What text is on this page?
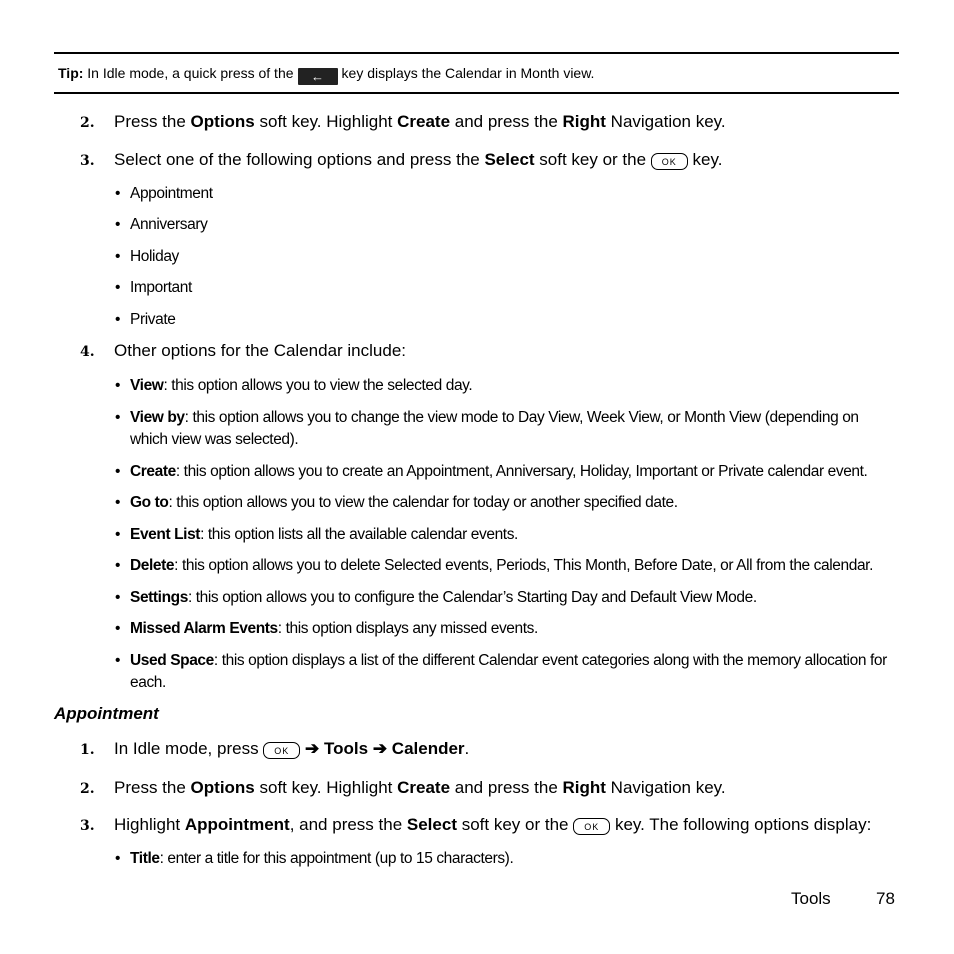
Tip: In Idle mode, a quick press of the ← key displays the Calendar in Month view.
2. Press the Options soft key. Highlight Create and press the Right Navigation key.
3. Select one of the following options and press the Select soft key or the OK key.
• Appointment
• Anniversary
• Holiday
• Important
• Private
4. Other options for the Calendar include:
• View: this option allows you to view the selected day.
• View by: this option allows you to change the view mode to Day View, Week View, or Month View (depending on which view was selected).
• Create: this option allows you to create an Appointment, Anniversary, Holiday, Important or Private calendar event.
• Go to: this option allows you to view the calendar for today or another specified date.
• Event List: this option lists all the available calendar events.
• Delete: this option allows you to delete Selected events, Periods, This Month, Before Date, or All from the calendar.
• Settings: this option allows you to configure the Calendar’s Starting Day and Default View Mode.
• Missed Alarm Events: this option displays any missed events.
• Used Space: this option displays a list of the different Calendar event categories along with the memory allocation for each.
Appointment
1. In Idle mode, press OK ➔ Tools ➔ Calender.
2. Press the Options soft key. Highlight Create and press the Right Navigation key.
3. Highlight Appointment, and press the Select soft key or the OK key. The following options display:
• Title: enter a title for this appointment (up to 15 characters).
Tools	78
